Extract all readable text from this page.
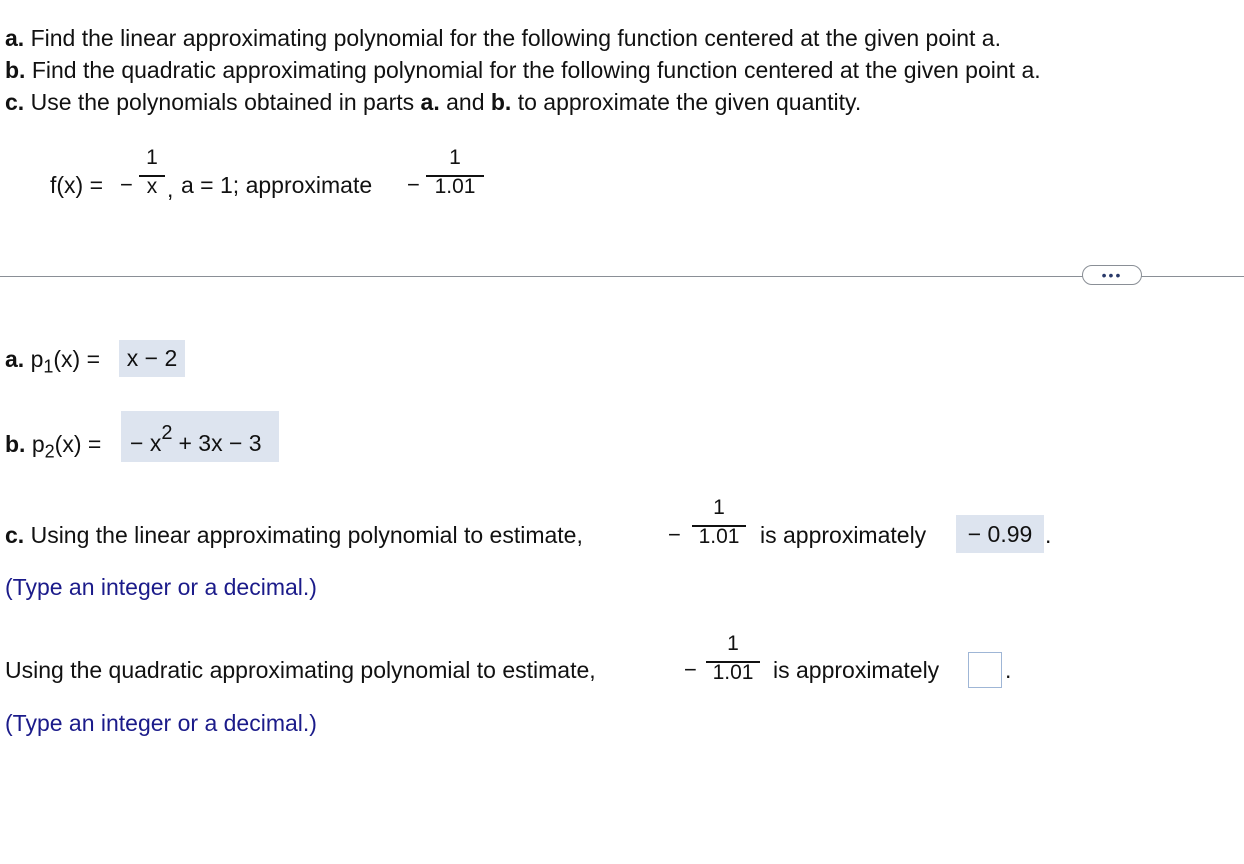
a. Find the linear approximating polynomial for the following function centered at the given point a.
b. Find the quadratic approximating polynomial for the following function centered at the given point a.
c. Use the polynomials obtained in parts a. and b. to approximate the given quantity.
f(x) = −
1
x , a = 1; approximate −
1
1.01
•••
a. $p_1(x) = x - 2$
b. $p_2(x)$ = − $x^2 + 3x - 3$
c. Using the linear approximating polynomial to estimate,	−
1
1.01 is approximately − 0.99 .
(Type an integer or a decimal.)
Using the quadratic approximating polynomial to estimate,	−
1
1.01 is approximately	.
(Type an integer or a decimal.)
